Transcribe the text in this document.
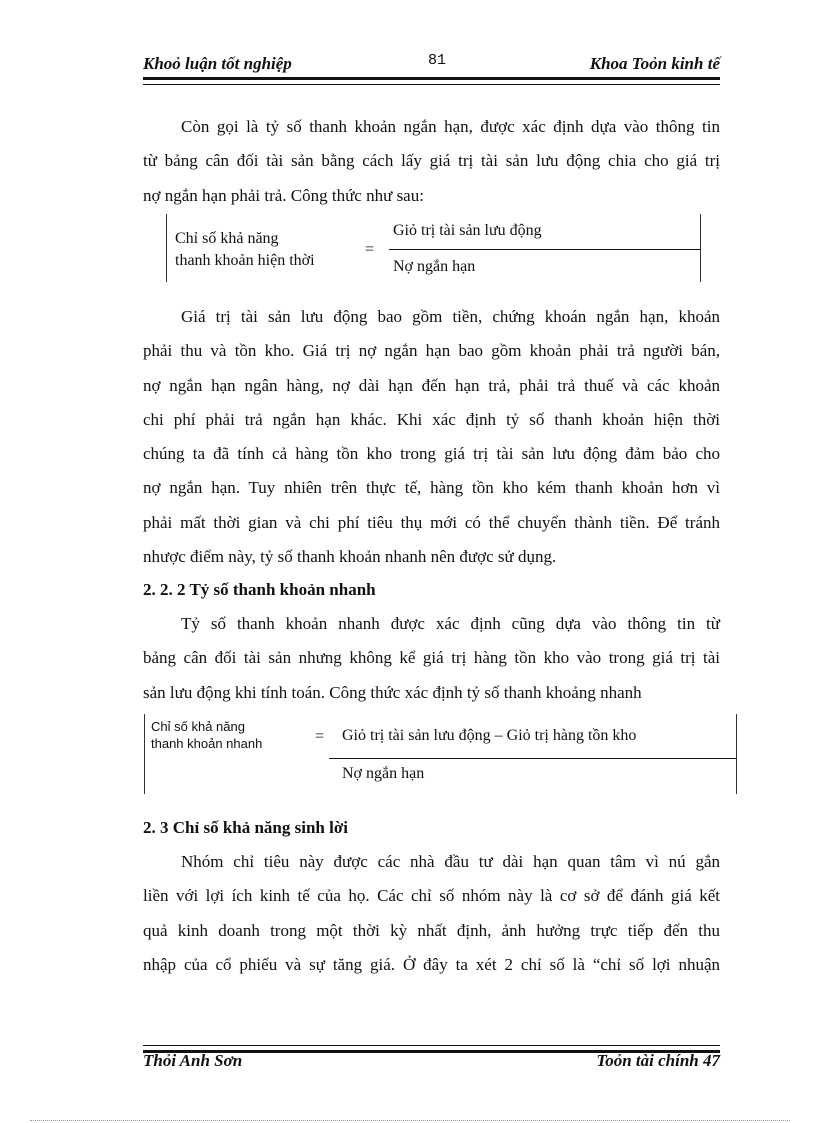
Khoỏ luận tốt nghiệp	81	Khoa Toỏn kinh tế
Còn gọi là tỷ số thanh khoản ngắn hạn, được xác định dựa vào thông tin
từ bảng cân đối tài sản bằng cách lấy giá trị tài sản lưu động chia cho giá trị
nợ ngắn hạn phải trả. Công thức như sau:
Chỉ số khả năng
thanh khoản hiện thời
=
Giỏ trị tài sản lưu động
Nợ ngắn hạn
Giá trị tài sản lưu động bao gồm tiền, chứng khoán ngắn hạn, khoản
phải thu và tồn kho. Giá trị nợ ngắn hạn bao gồm khoản phải trả người bán,
nợ ngắn hạn ngân hàng, nợ dài hạn đến hạn trả, phải trả thuế và các khoản
chi phí phải trả ngắn hạn khác. Khi xác định tỷ số thanh khoản hiện thời
chúng ta đã tính cả hàng tồn kho trong giá trị tài sản lưu động đảm bảo cho
nợ ngắn hạn. Tuy nhiên trên thực tế, hàng tồn kho kém thanh khoản hơn vì
phải mất thời gian và chi phí tiêu thụ mới có thể chuyển thành tiền. Để tránh
nhược điểm này, tỷ số thanh khoản nhanh nên được sử dụng.

2. 2. 2 Tỷ số thanh khoản nhanh

Tỷ số thanh khoản nhanh được xác định cũng dựa vào thông tin từ
bảng cân đối tài sản nhưng không kể giá trị hàng tồn kho vào trong giá trị tài
sản lưu động khi tính toán. Công thức xác định tỷ số thanh khoảng nhanh
Chỉ số khả năng
thanh khoản nhanh	= Giỏ trị tài sản lưu động – Giỏ trị hàng tồn kho
Nợ ngắn hạn

2. 3 Chỉ số khả năng sinh lời

Nhóm chỉ tiêu này được các nhà đầu tư dài hạn quan tâm vì nú gắn
liền với lợi ích kinh tế của họ. Các chỉ số nhóm này là cơ sở để đánh giá kết
quả kinh doanh trong một thời kỳ nhất định, ảnh hưởng trực tiếp đến thu
nhập của cổ phiếu và sự tăng giá. Ở đây ta xét 2 chỉ số là “chỉ số lợi nhuận
Thỏi Anh Sơn	Toỏn tài chính 47
